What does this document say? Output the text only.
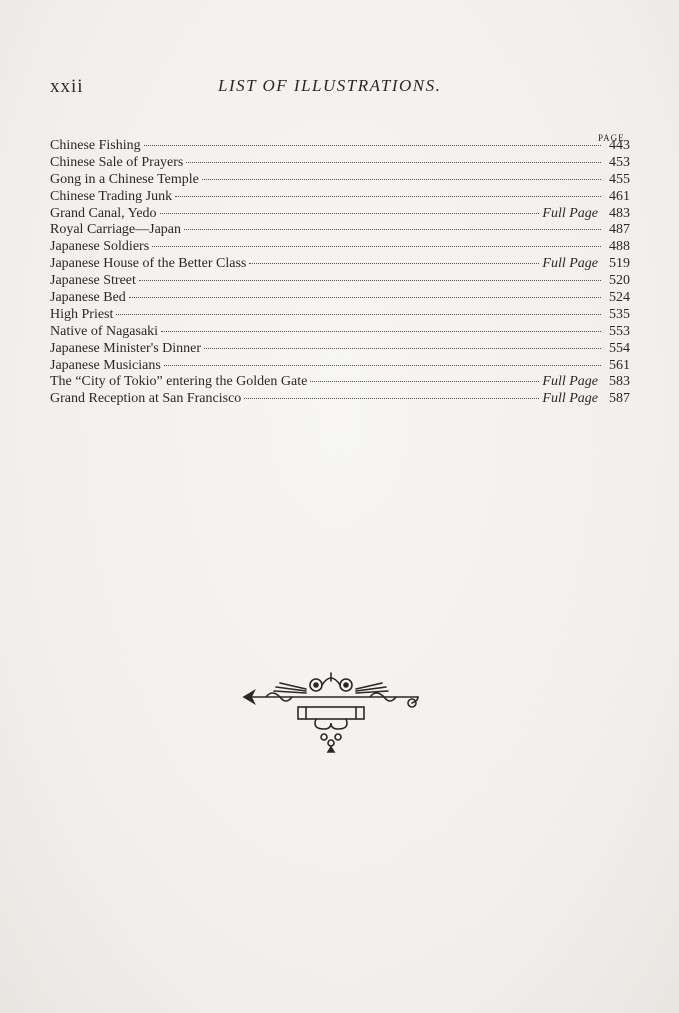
xxii	LIST OF ILLUSTRATIONS.
PAGE
Chinese Fishing	443
Chinese Sale of Prayers	453
Gong in a Chinese Temple	455
Chinese Trading Junk	461
Grand Canal, Yedo	Full Page 483
Royal Carriage—Japan	487
Japanese Soldiers	488
Japanese House of the Better Class	Full Page 519
Japanese Street	520
Japanese Bed	524
High Priest	535
Native of Nagasaki	553
Japanese Minister's Dinner	554
Japanese Musicians	561
The “City of Tokio” entering the Golden Gate	Full Page 583
Grand Reception at San Francisco	Full Page 587
